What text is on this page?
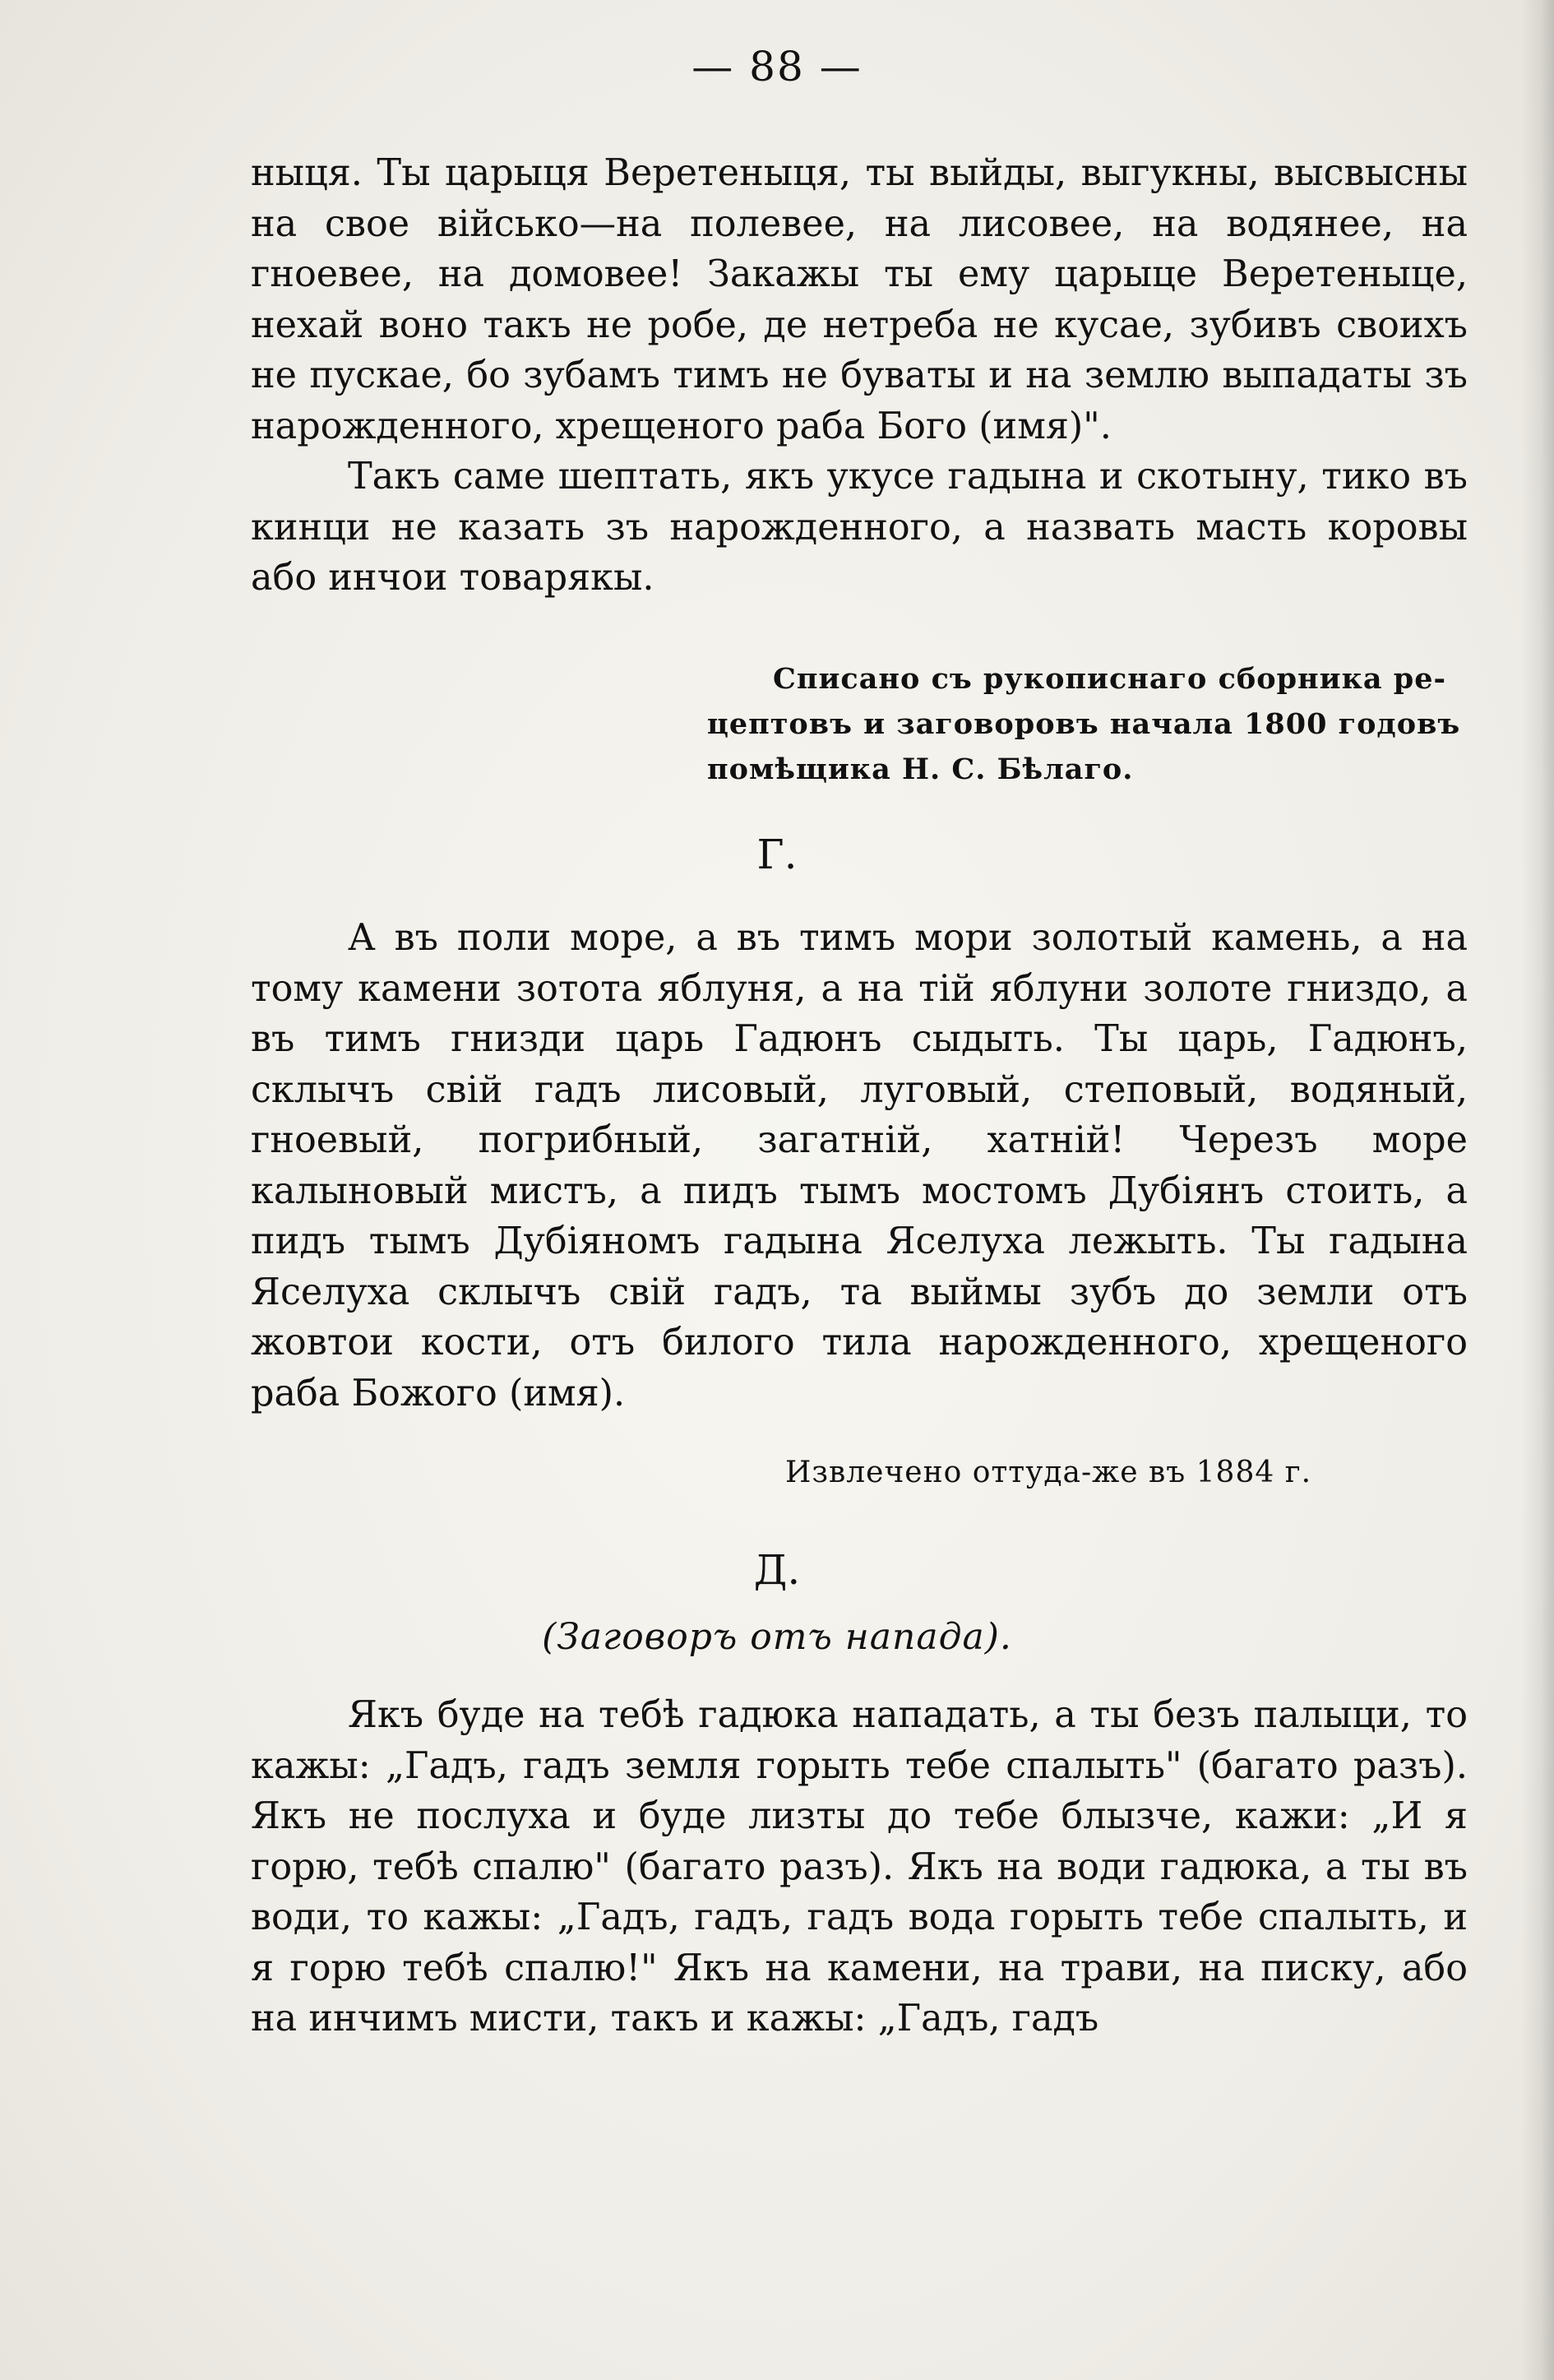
— 88 —

ныця. Ты царыця Веретеныця, ты выйды, выгукны, высвысны на свое вiйсько—на полевее, на лисовее, на водянее, на гноевее, на домовее! Закажы ты ему царыце Веретеныце, нехай воно такъ не робе, де нетреба не кусае, зубивъ своихъ не пускае, бо зубамъ тимъ не буваты и на землю выпадаты зъ нарожденного, хрещеного раба Бого (имя)".

Такъ саме шептать, якъ укусе гадына и скотыну, тико въ кинци не казать зъ нарожденного, а назвать масть коровы або инчои товарякы.

Списано съ рукописнаго сборника ре-
цептовъ и заговоровъ начала 1800 годовъ
помѣщика Н. С. Бѣлаго.
Г.

А въ поли море, а въ тимъ мори золотый камень, а на тому камени зотота яблуня, а на тiй яблуни золоте гниздо, а въ тимъ гнизди царь Гадюнъ сыдыть. Ты царь, Гадюнъ, склычъ свiй гадъ лисовый, луговый, степовый, водяный, гноевый, погрибный, загатнiй, хатнiй! Черезъ море калыновый мистъ, а пидъ тымъ мостомъ Дубiянъ стоить, а пидъ тымъ Дубiяномъ гадына Яселуха лежыть. Ты гадына Яселуха склычъ свiй гадъ, та выймы зубъ до земли отъ жовтои кости, отъ билого тила нарожденного, хрещеного раба Божого (имя).

Извлечено оттуда-же въ 1884 г.
Д.
(Заговоръ отъ нападa).

Якъ буде на тебѣ гадюка нападать, а ты безъ палыци, то кажы: „Гадъ, гадъ земля горыть тебе спалыть" (багато разъ). Якъ не послуха и буде лизты до тебе блызче, кажи: „И я горю, тебѣ спалю" (багато разъ). Якъ на води гадюка, а ты въ води, то кажы: „Гадъ, гадъ, гадъ вода горыть тебе спалыть, и я горю тебѣ спалю!" Якъ на камени, на трави, на писку, або на инчимъ мисти, такъ и кажы: „Гадъ, гадъ
